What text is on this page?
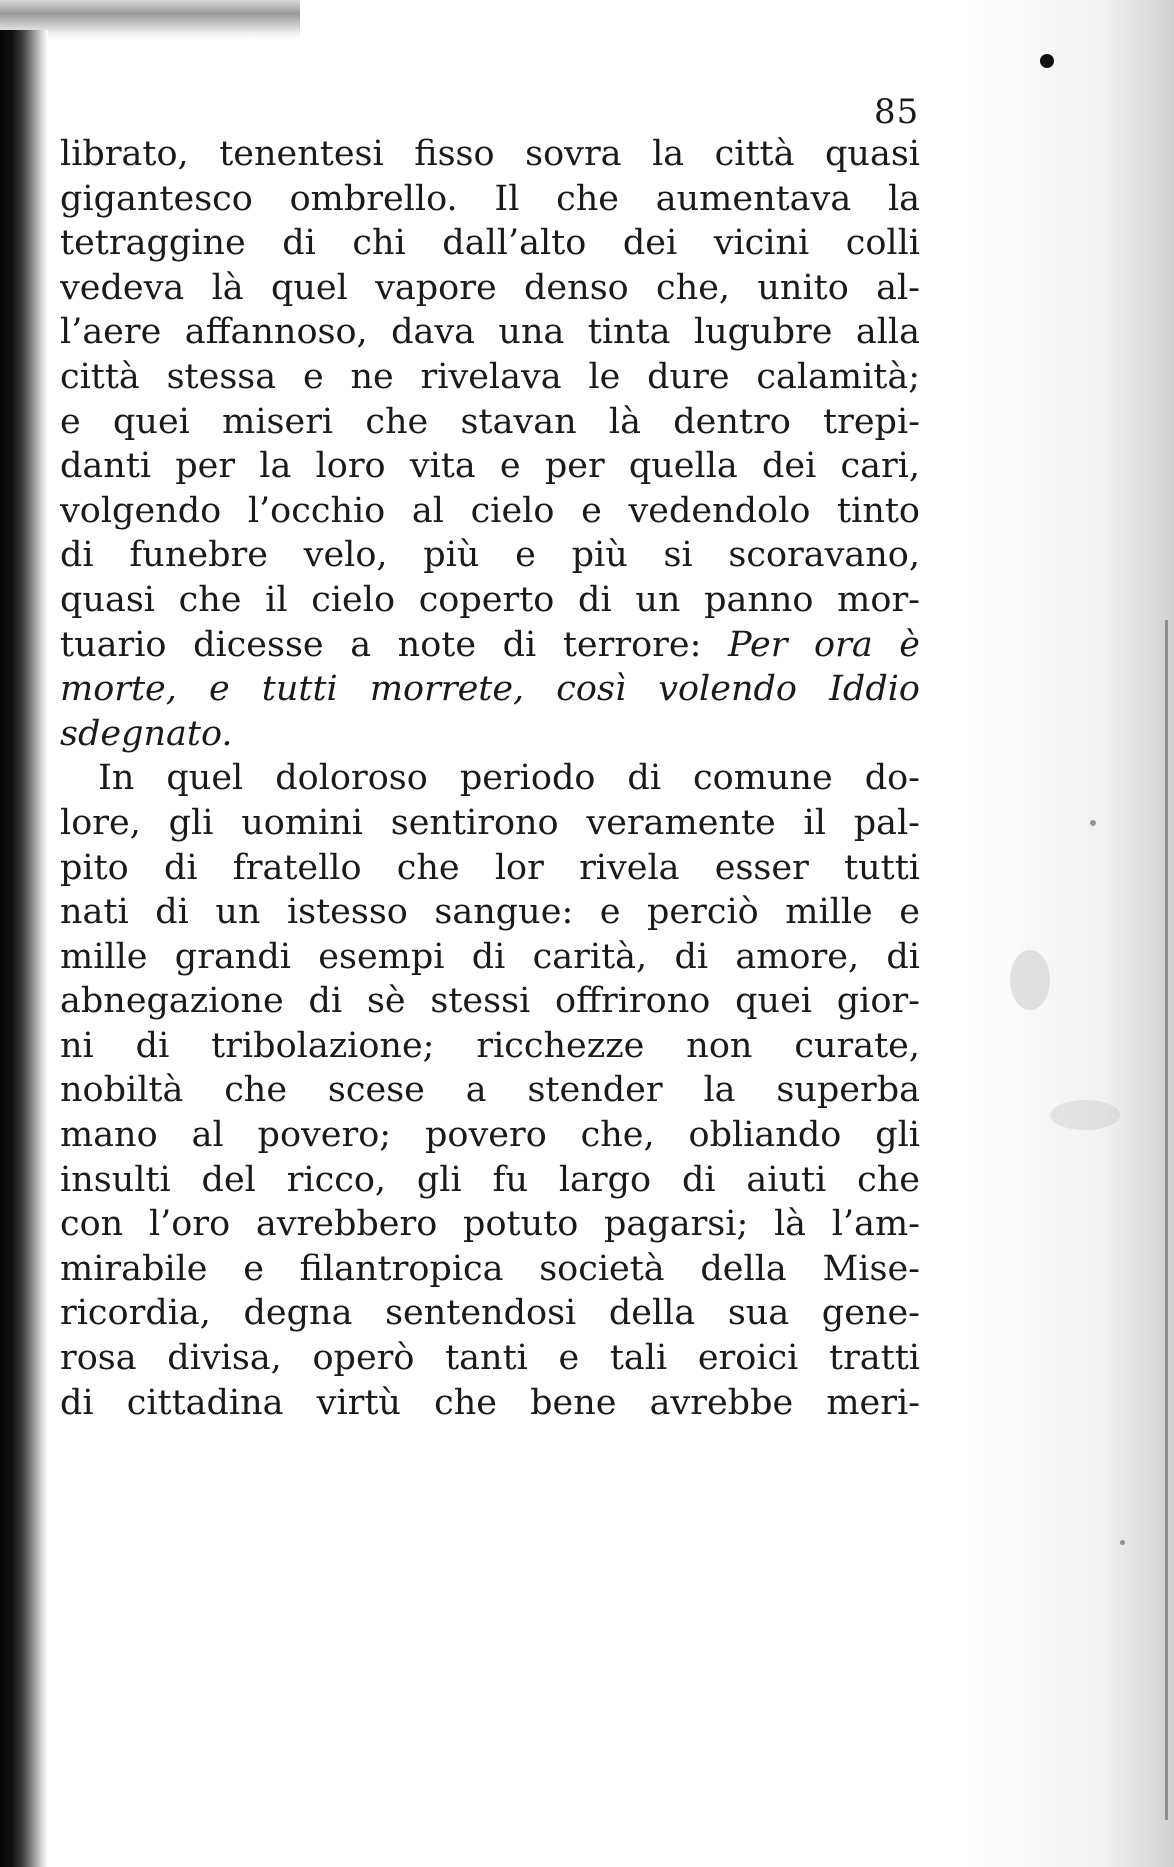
85
librato, tenentesi fisso sovra la città quasi
gigantesco ombrello. Il che aumentava la
tetraggine di chi dall’alto dei vicini colli
vedeva là quel vapore denso che, unito al-
l’aere affannoso, dava una tinta lugubre alla
città stessa e ne rivelava le dure calamità;
e quei miseri che stavan là dentro trepi-
danti per la loro vita e per quella dei cari,
volgendo l’occhio al cielo e vedendolo tinto
di funebre velo, più e più si scoravano,
quasi che il cielo coperto di un panno mor-
tuario dicesse a note di terrore: Per ora è
morte, e tutti morrete, così volendo Iddio
sdegnato.
In quel doloroso periodo di comune do-
lore, gli uomini sentirono veramente il pal-
pito di fratello che lor rivela esser tutti
nati di un istesso sangue: e perciò mille e
mille grandi esempi di carità, di amore, di
abnegazione di sè stessi offrirono quei gior-
ni di tribolazione; ricchezze non curate,
nobiltà che scese a stender la superba
mano al povero; povero che, obliando gli
insulti del ricco, gli fu largo di aiuti che
con l’oro avrebbero potuto pagarsi; là l’am-
mirabile e filantropica società della Mise-
ricordia, degna sentendosi della sua gene-
rosa divisa, operò tanti e tali eroici tratti
di cittadina virtù che bene avrebbe meri-
